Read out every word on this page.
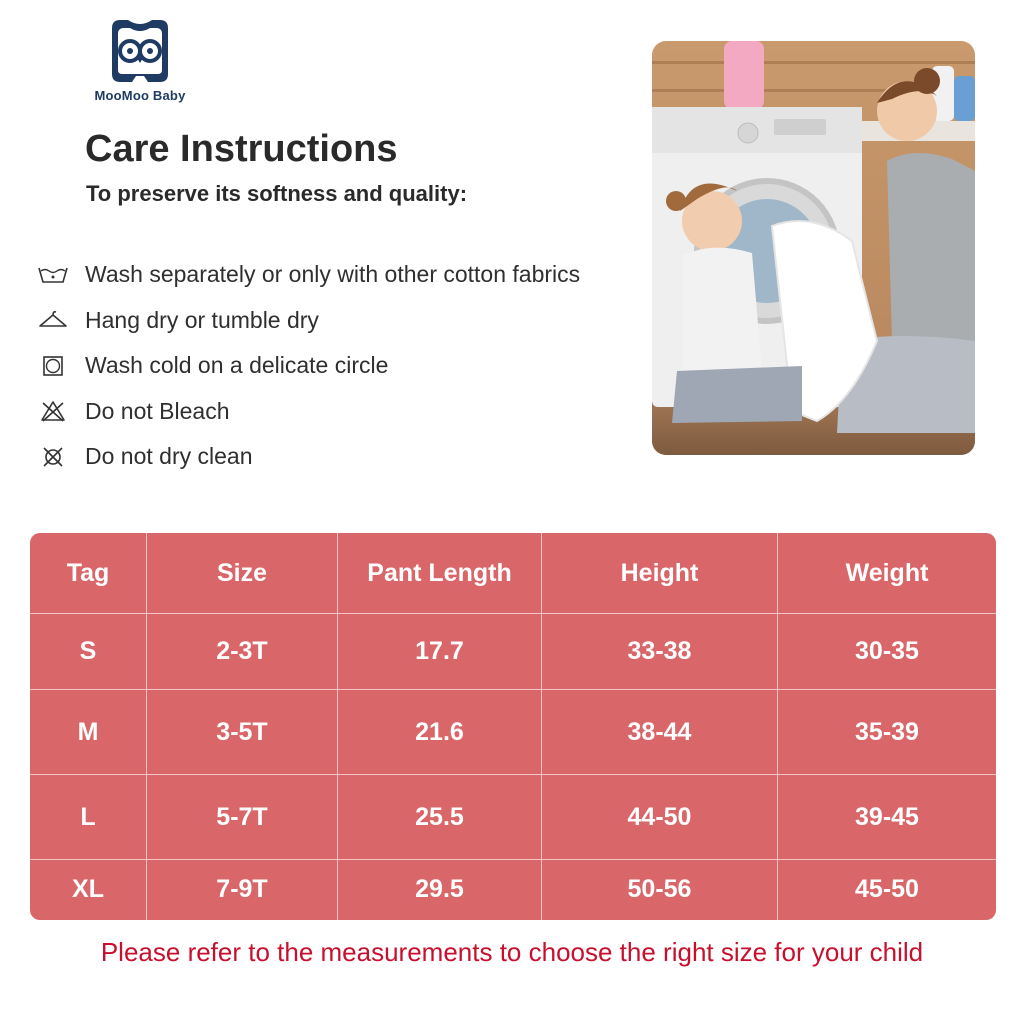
MooMoo Baby
Care Instructions
To preserve its softness and quality:
Wash separately or only with other cotton fabrics
Hang dry or tumble dry
Wash cold on a delicate circle
Do not Bleach
Do not dry clean
Tag	Size	Pant Length	Height	Weight
S	2-3T	17.7	33-38	30-35
M	3-5T	21.6	38-44	35-39
L	5-7T	25.5	44-50	39-45
XL	7-9T	29.5	50-56	45-50
Please refer to the measurements to choose the right size for your child
